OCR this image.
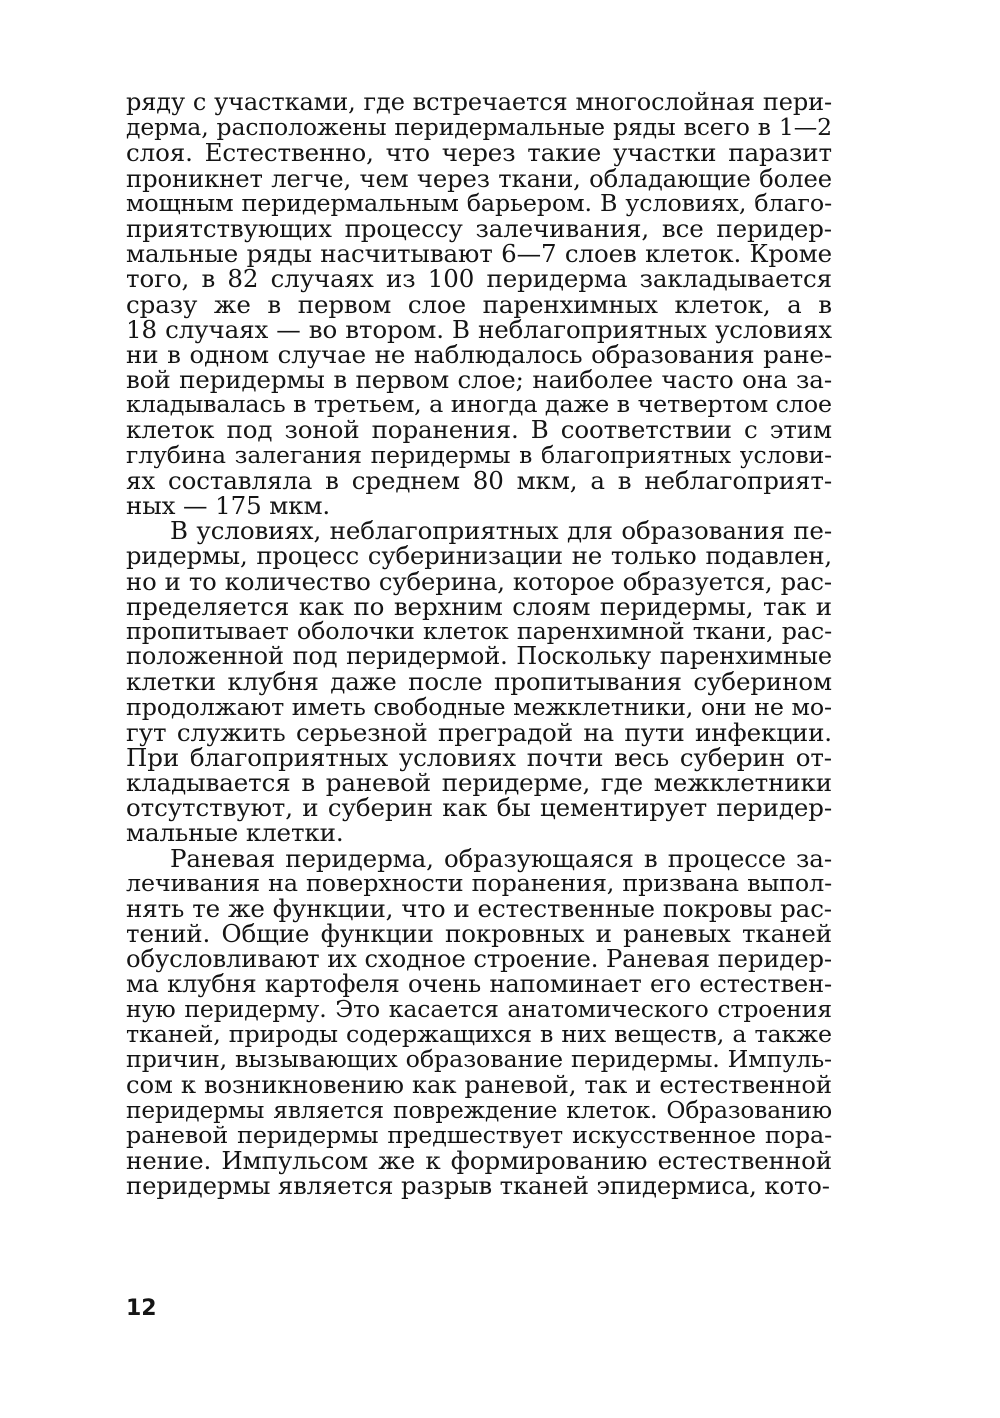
ряду с участками, где встречается многослойная пери-
дерма, расположены перидермальные ряды всего в 1—2
слоя. Естественно, что через такие участки паразит
проникнет легче, чем через ткани, обладающие более
мощным перидермальным барьером. В условиях, благо-
приятствующих процессу залечивания, все перидер-
мальные ряды насчитывают 6—7 слоев клеток. Кроме
того, в 82 случаях из 100 перидерма закладывается
сразу же в первом слое паренхимных клеток, а в
18 случаях — во втором. В неблагоприятных условиях
ни в одном случае не наблюдалось образования ране-
вой перидермы в первом слое; наиболее часто она за-
кладывалась в третьем, а иногда даже в четвертом слое
клеток под зоной поранения. В соответствии с этим
глубина залегания перидермы в благоприятных услови-
ях составляла в среднем 80 мкм, а в неблагоприят-
ных — 175 мкм.
В условиях, неблагоприятных для образования пе-
ридермы, процесс суберинизации не только подавлен,
но и то количество суберина, которое образуется, рас-
пределяется как по верхним слоям перидермы, так и
пропитывает оболочки клеток паренхимной ткани, рас-
положенной под перидермой. Поскольку паренхимные
клетки клубня даже после пропитывания суберином
продолжают иметь свободные межклетники, они не мо-
гут служить серьезной преградой на пути инфекции.
При благоприятных условиях почти весь суберин от-
кладывается в раневой перидерме, где межклетники
отсутствуют, и суберин как бы цементирует перидер-
мальные клетки.
Раневая перидерма, образующаяся в процессе за-
лечивания на поверхности поранения, призвана выпол-
нять те же функции, что и естественные покровы рас-
тений. Общие функции покровных и раневых тканей
обусловливают их сходное строение. Раневая перидер-
ма клубня картофеля очень напоминает его естествен-
ную перидерму. Это касается анатомического строения
тканей, природы содержащихся в них веществ, а также
причин, вызывающих образование перидермы. Импуль-
сом к возникновению как раневой, так и естественной
перидермы является повреждение клеток. Образованию
раневой перидермы предшествует искусственное пора-
нение. Импульсом же к формированию естественной
перидермы является разрыв тканей эпидермиса, кото-
12
